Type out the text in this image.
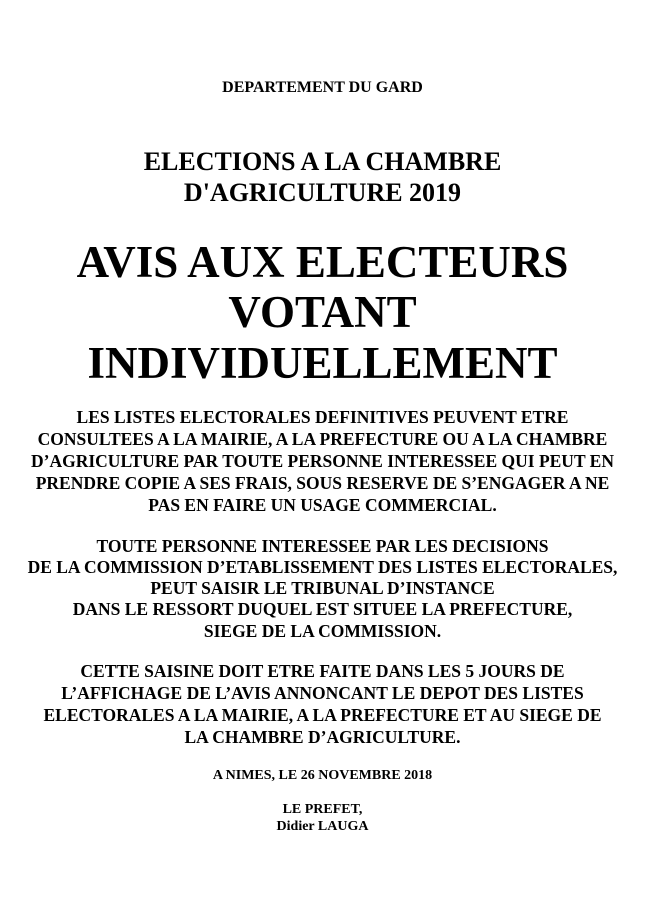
DEPARTEMENT DU GARD
ELECTIONS A LA CHAMBRE
D'AGRICULTURE 2019
AVIS AUX ELECTEURS
VOTANT
INDIVIDUELLEMENT
LES LISTES ELECTORALES DEFINITIVES PEUVENT ETRE
CONSULTEES A LA MAIRIE, A LA PREFECTURE OU A LA CHAMBRE
D’AGRICULTURE PAR TOUTE PERSONNE INTERESSEE QUI PEUT EN
PRENDRE COPIE A SES FRAIS, SOUS RESERVE DE S’ENGAGER A NE
PAS EN FAIRE UN USAGE COMMERCIAL.
TOUTE PERSONNE INTERESSEE PAR LES DECISIONS
DE LA COMMISSION D’ETABLISSEMENT DES LISTES ELECTORALES,
PEUT SAISIR LE TRIBUNAL D’INSTANCE
DANS LE RESSORT DUQUEL EST SITUEE LA PREFECTURE,
SIEGE DE LA COMMISSION.
CETTE SAISINE DOIT ETRE FAITE DANS LES 5 JOURS DE
L’AFFICHAGE DE L’AVIS ANNONCANT LE DEPOT DES LISTES
ELECTORALES A LA MAIRIE, A LA PREFECTURE ET AU SIEGE DE
LA CHAMBRE D’AGRICULTURE.
A NIMES, LE 26 NOVEMBRE 2018
LE PREFET,
Didier LAUGA
